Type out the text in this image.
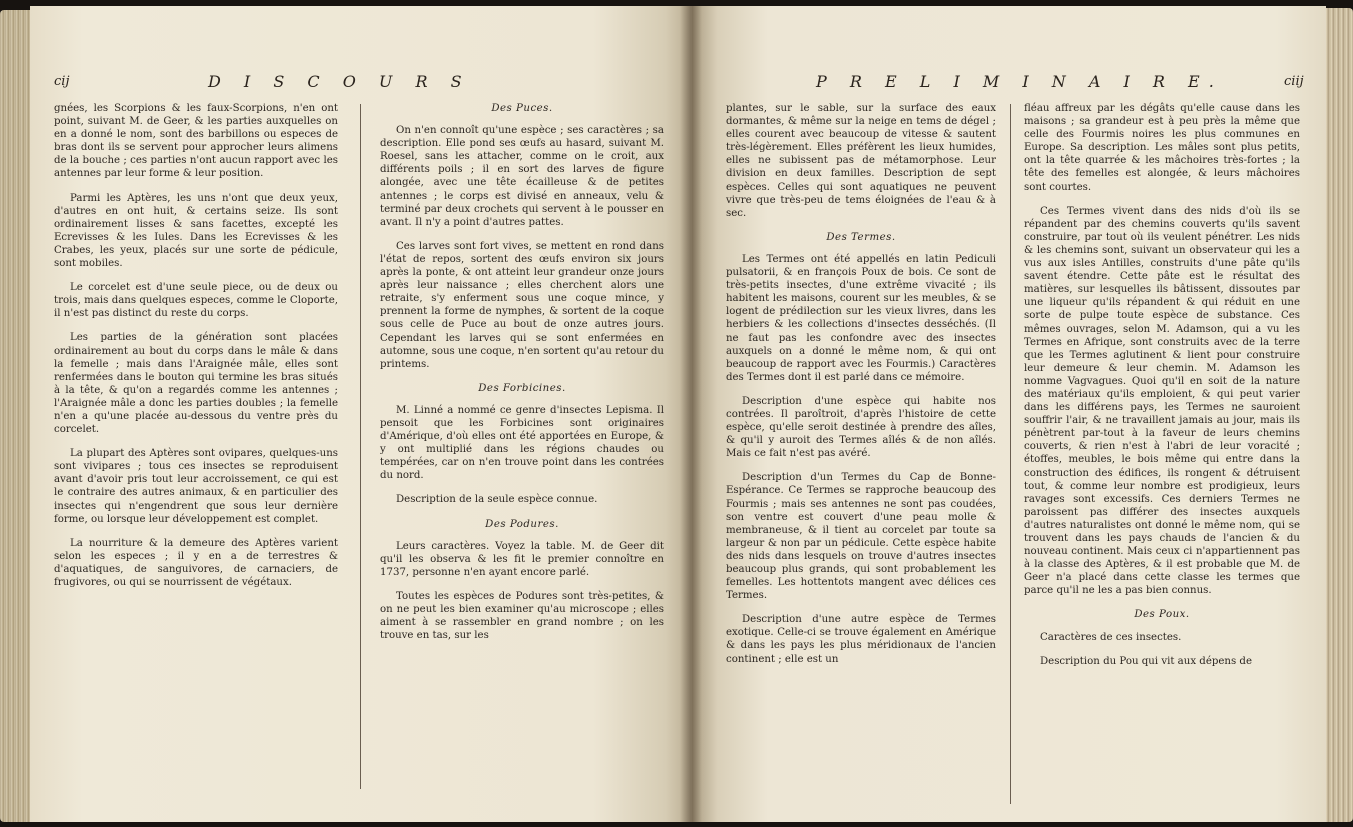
cij	D I S C O U R S

gnées, les Scorpions & les faux-Scorpions, n'en ont point, suivant M. de Geer, & les parties auxquelles on en a donné le nom, sont des barbillons ou especes de bras dont ils se servent pour approcher leurs alimens de la bouche ; ces parties n'ont aucun rapport avec les antennes par leur forme & leur position.

Parmi les Aptères, les uns n'ont que deux yeux, d'autres en ont huit, & certains seize. Ils sont ordinairement lisses & sans facettes, excepté les Ecrevisses & les Iules. Dans les Ecrevisses & les Crabes, les yeux, placés sur une sorte de pédicule, sont mobiles.

Le corcelet est d'une seule piece, ou de deux ou trois, mais dans quelques especes, comme le Cloporte, il n'est pas distinct du reste du corps.

Les parties de la génération sont placées ordinairement au bout du corps dans le mâle & dans la femelle ; mais dans l'Araignée mâle, elles sont renfermées dans le bouton qui termine les bras situés à la tête, & qu'on a regardés comme les antennes ; l'Araignée mâle a donc les parties doubles ; la femelle n'en a qu'une placée au-dessous du ventre près du corcelet.

La plupart des Aptères sont ovipares, quelques-uns sont vivipares ; tous ces insectes se reproduisent avant d'avoir pris tout leur accroissement, ce qui est le contraire des autres animaux, & en particulier des insectes qui n'engendrent que sous leur dernière forme, ou lorsque leur développement est complet.

La nourriture & la demeure des Aptères varient selon les especes ; il y en a de terrestres & d'aquatiques, de sanguivores, de carnaciers, de frugivores, ou qui se nourrissent de végétaux.

Des Puces.

On n'en connoît qu'une espèce ; ses caractères ; sa description. Elle pond ses œufs au hasard, suivant M. Roesel, sans les attacher, comme on le croit, aux différents poils ; il en sort des larves de figure alongée, avec une tête écailleuse & de petites antennes ; le corps est divisé en anneaux, velu & terminé par deux crochets qui servent à le pousser en avant. Il n'y a point d'autres pattes.

Ces larves sont fort vives, se mettent en rond dans l'état de repos, sortent des œufs environ six jours après la ponte, & ont atteint leur grandeur onze jours après leur naissance ; elles cherchent alors une retraite, s'y enferment sous une coque mince, y prennent la forme de nymphes, & sortent de la coque sous celle de Puce au bout de onze autres jours. Cependant les larves qui se sont enfermées en automne, sous une coque, n'en sortent qu'au retour du printems.

Des Forbicines.

M. Linné a nommé ce genre d'insectes Lepisma. Il pensoit que les Forbicines sont originaires d'Amérique, d'où elles ont été apportées en Europe, & y ont multiplié dans les régions chaudes ou tempérées, car on n'en trouve point dans les contrées du nord.

Description de la seule espèce connue.

Des Podures.

Leurs caractères. Voyez la table. M. de Geer dit qu'il les observa & les fit le premier connoître en 1737, personne n'en ayant encore parlé.

Toutes les espèces de Podures sont très-petites, & on ne peut les bien examiner qu'au microscope ; elles aiment à se rassembler en grand nombre ; on les trouve en tas, sur les

P R E L I M I N A I R E.	ciij

plantes, sur le sable, sur la surface des eaux dormantes, & même sur la neige en tems de dégel ; elles courent avec beaucoup de vitesse & sautent très-légèrement. Elles préfèrent les lieux humides, elles ne subissent pas de métamorphose. Leur division en deux familles. Description de sept espèces. Celles qui sont aquatiques ne peuvent vivre que très-peu de tems éloignées de l'eau & à sec.

Des Termes.

Les Termes ont été appellés en latin Pediculi pulsatorii, & en françois Poux de bois. Ce sont de très-petits insectes, d'une extrême vivacité ; ils habitent les maisons, courent sur les meubles, & se logent de prédilection sur les vieux livres, dans les herbiers & les collections d'insectes desséchés. (Il ne faut pas les confondre avec des insectes auxquels on a donné le même nom, & qui ont beaucoup de rapport avec les Fourmis.) Caractères des Termes dont il est parlé dans ce mémoire.

Description d'une espèce qui habite nos contrées. Il paroîtroit, d'après l'histoire de cette espèce, qu'elle seroit destinée à prendre des aîles, & qu'il y auroit des Termes aîlés & de non aîlés. Mais ce fait n'est pas avéré.

Description d'un Termes du Cap de Bonne-Espérance. Ce Termes se rapproche beaucoup des Fourmis ; mais ses antennes ne sont pas coudées, son ventre est couvert d'une peau molle & membraneuse, & il tient au corcelet par toute sa largeur & non par un pédicule. Cette espèce habite des nids dans lesquels on trouve d'autres insectes beaucoup plus grands, qui sont probablement les femelles. Les hottentots mangent avec délices ces Termes.

Description d'une autre espèce de Termes exotique. Celle-ci se trouve également en Amérique & dans les pays les plus méridionaux de l'ancien continent ; elle est un

fléau affreux par les dégâts qu'elle cause dans les maisons ; sa grandeur est à peu près la même que celle des Fourmis noires les plus communes en Europe. Sa description. Les mâles sont plus petits, ont la tête quarrée & les mâchoires très-fortes ; la tête des femelles est alongée, & leurs mâchoires sont courtes.

Ces Termes vivent dans des nids d'où ils se répandent par des chemins couverts qu'ils savent construire, par tout où ils veulent pénétrer. Les nids & les chemins sont, suivant un observateur qui les a vus aux isles Antilles, construits d'une pâte qu'ils savent étendre. Cette pâte est le résultat des matières, sur lesquelles ils bâtissent, dissoutes par une liqueur qu'ils répandent & qui réduit en une sorte de pulpe toute espèce de substance. Ces mêmes ouvrages, selon M. Adamson, qui a vu les Termes en Afrique, sont construits avec de la terre que les Termes aglutinent & lient pour construire leur demeure & leur chemin. M. Adamson les nomme Vagvagues. Quoi qu'il en soit de la nature des matériaux qu'ils emploient, & qui peut varier dans les différens pays, les Termes ne sauroient souffrir l'air, & ne travaillent jamais au jour, mais ils pénètrent par-tout à la faveur de leurs chemins couverts, & rien n'est à l'abri de leur voracité ; étoffes, meubles, le bois même qui entre dans la construction des édifices, ils rongent & détruisent tout, & comme leur nombre est prodigieux, leurs ravages sont excessifs. Ces derniers Termes ne paroissent pas différer des insectes auxquels d'autres naturalistes ont donné le même nom, qui se trouvent dans les pays chauds de l'ancien & du nouveau continent. Mais ceux ci n'appartiennent pas à la classe des Aptères, & il est probable que M. de Geer n'a placé dans cette classe les termes que parce qu'il ne les a pas bien connus.

Des Poux.

Caractères de ces insectes.

Description du Pou qui vit aux dépens de
